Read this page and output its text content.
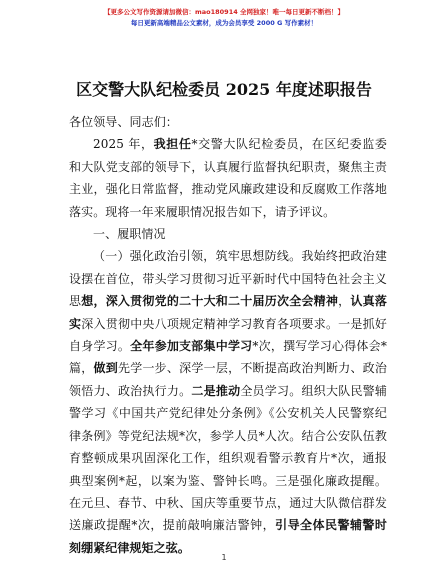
【更多公文写作资源请加微信：mao180914 全网独家！唯一每日更新不断档！】
每日更新高端精品公文素材，成为会员享受 2000 G 写作素材！
区交警大队纪检委员 2025 年度述职报告

各位领导、同志们：

2025 年，我担任*交警大队纪检委员，在区纪委监委和大队党支部的领导下，认真履行监督执纪职责，聚焦主责主业，强化日常监督，推动党风廉政建设和反腐败工作落地落实。现将一年来履职情况报告如下，请予评议。

一、履职情况

（一）强化政治引领，筑牢思想防线。我始终把政治建设摆在首位，带头学习贯彻习近平新时代中国特色社会主义思想，深入贯彻党的二十大和二十届历次全会精神，认真落实深入贯彻中央八项规定精神学习教育各项要求。一是抓好自身学习。全年参加支部集中学习*次，撰写学习心得体会*篇，做到先学一步、深学一层，不断提高政治判断力、政治领悟力、政治执行力。二是推动全员学习。组织大队民警辅警学习《中国共产党纪律处分条例》《公安机关人民警察纪律条例》等党纪法规*次，参学人员*人次。结合公安队伍教育整顿成果巩固深化工作，组织观看警示教育片*次，通报典型案例*起，以案为鉴、警钟长鸣。三是强化廉政提醒。在元旦、春节、中秋、国庆等重要节点，通过大队微信群发送廉政提醒*次，提前敲响廉洁警钟，引导全体民警辅警时刻绷紧纪律规矩之弦。

1
